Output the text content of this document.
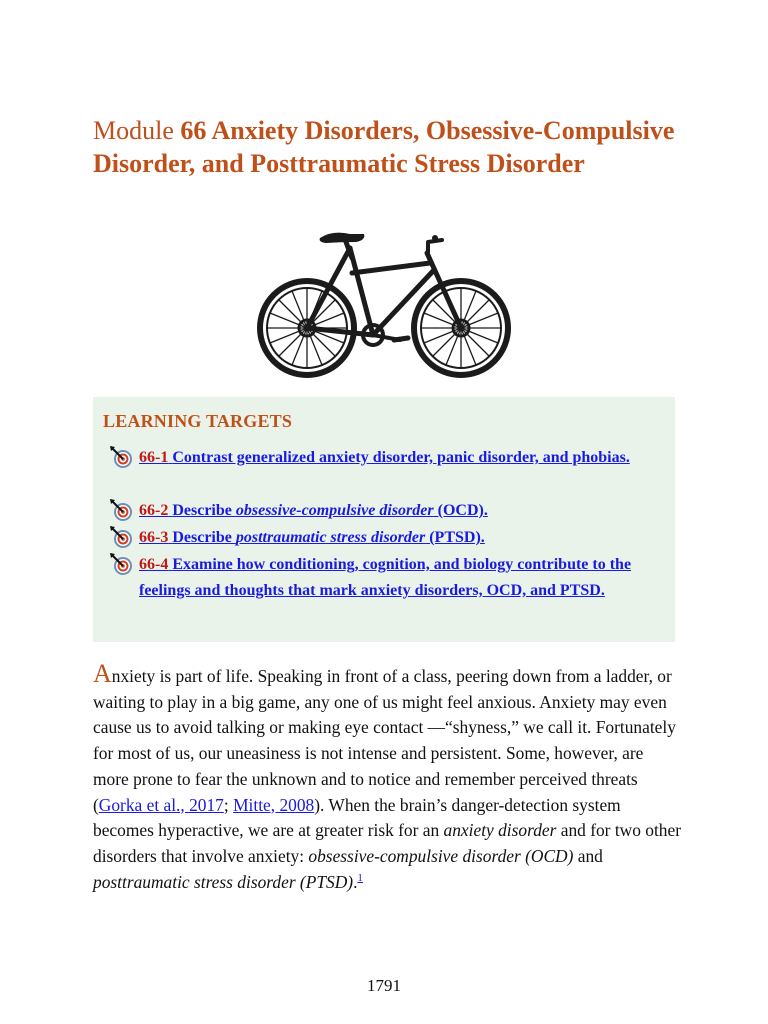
Module 66 Anxiety Disorders, Obsessive-Compulsive Disorder, and Posttraumatic Stress Disorder
LEARNING TARGETS
66-1 Contrast generalized anxiety disorder, panic disorder, and phobias.
66-2 Describe obsessive-compulsive disorder (OCD).
66-3 Describe posttraumatic stress disorder (PTSD).
66-4 Examine how conditioning, cognition, and biology contribute to the feelings and thoughts that mark anxiety disorders, OCD, and PTSD.

Anxiety is part of life. Speaking in front of a class, peering down from a ladder, or waiting to play in a big game, any one of us might feel anxious. Anxiety may even cause us to avoid talking or making eye contact —“shyness,” we call it. Fortunately for most of us, our uneasiness is not intense and persistent. Some, however, are more prone to fear the unknown and to notice and remember perceived threats (Gorka et al., 2017; Mitte, 2008). When the brain’s danger-detection system becomes hyperactive, we are at greater risk for an anxiety disorder and for two other disorders that involve anxiety: obsessive-compulsive disorder (OCD) and posttraumatic stress disorder (PTSD).$^1$

1791
